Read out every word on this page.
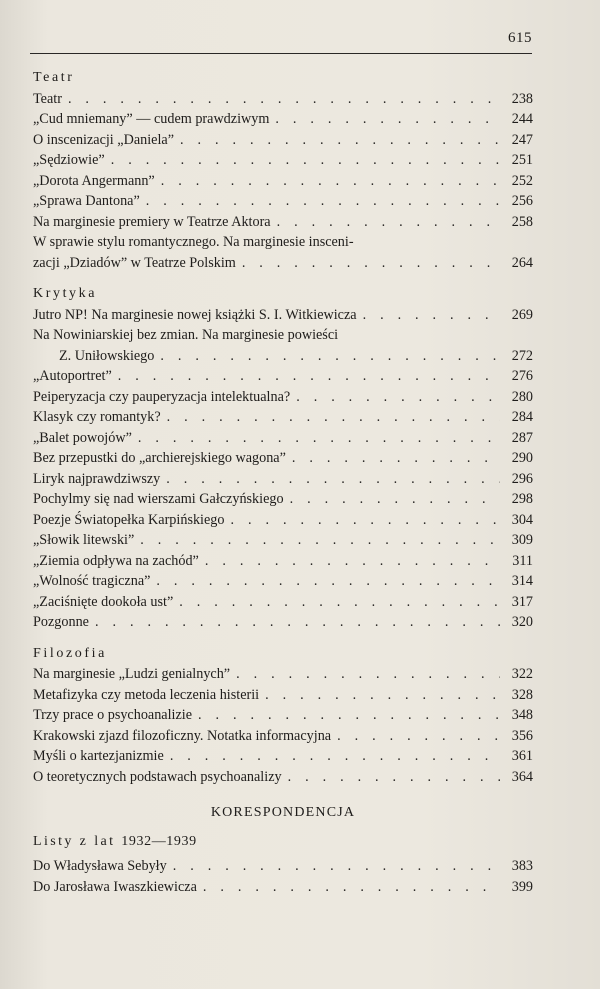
615
Teatr
Teatr . . .	238
„Cud mniemany” — cudem prawdziwym . . .	244
O inscenizacji „Daniela” . . .	247
„Sędziowie” . . .	251
„Dorota Angermann” . . .	252
„Sprawa Dantona” . . .	256
Na marginesie premiery w Teatrze Aktora . . .	258
W sprawie stylu romantycznego. Na marginesie insceni-
zacji „Dziadów” w Teatrze Polskim . . .	264
Krytyka
Jutro NP! Na marginesie nowej książki S. I. Witkiewicza . . .	269
Na Nowiniarskiej bez zmian. Na marginesie powieści
Z. Uniłowskiego . . .	272
„Autoportret” . . .	276
Peiperyzacja czy pauperyzacja intelektualna? . . .	280
Klasyk czy romantyk? . . .	284
„Balet powojów” . . .	287
Bez przepustki do „archierejskiego wagona” . . .	290
Liryk najprawdziwszy . . .	296
Pochylmy się nad wierszami Gałczyńskiego . . .	298
Poezje Światopełka Karpińskiego . . .	304
„Słowik litewski” . . .	309
„Ziemia odpływa na zachód” . . .	311
„Wolność tragiczna” . . .	314
„Zaciśnięte dookoła ust” . . .	317
Pozgonne . . .	320
Filozofia
Na marginesie „Ludzi genialnych” . . .	322
Metafizyka czy metoda leczenia histerii . . .	328
Trzy prace o psychoanalizie . . .	348
Krakowski zjazd filozoficzny. Notatka informacyjna . . .	356
Myśli o kartezjanizmie . . .	361
O teoretycznych podstawach psychoanalizy . . .	364
KORESPONDENCJA
Listy z lat 1932—1939
Do Władysława Sebyły . . .	383
Do Jarosława Iwaszkiewicza . . .	399
